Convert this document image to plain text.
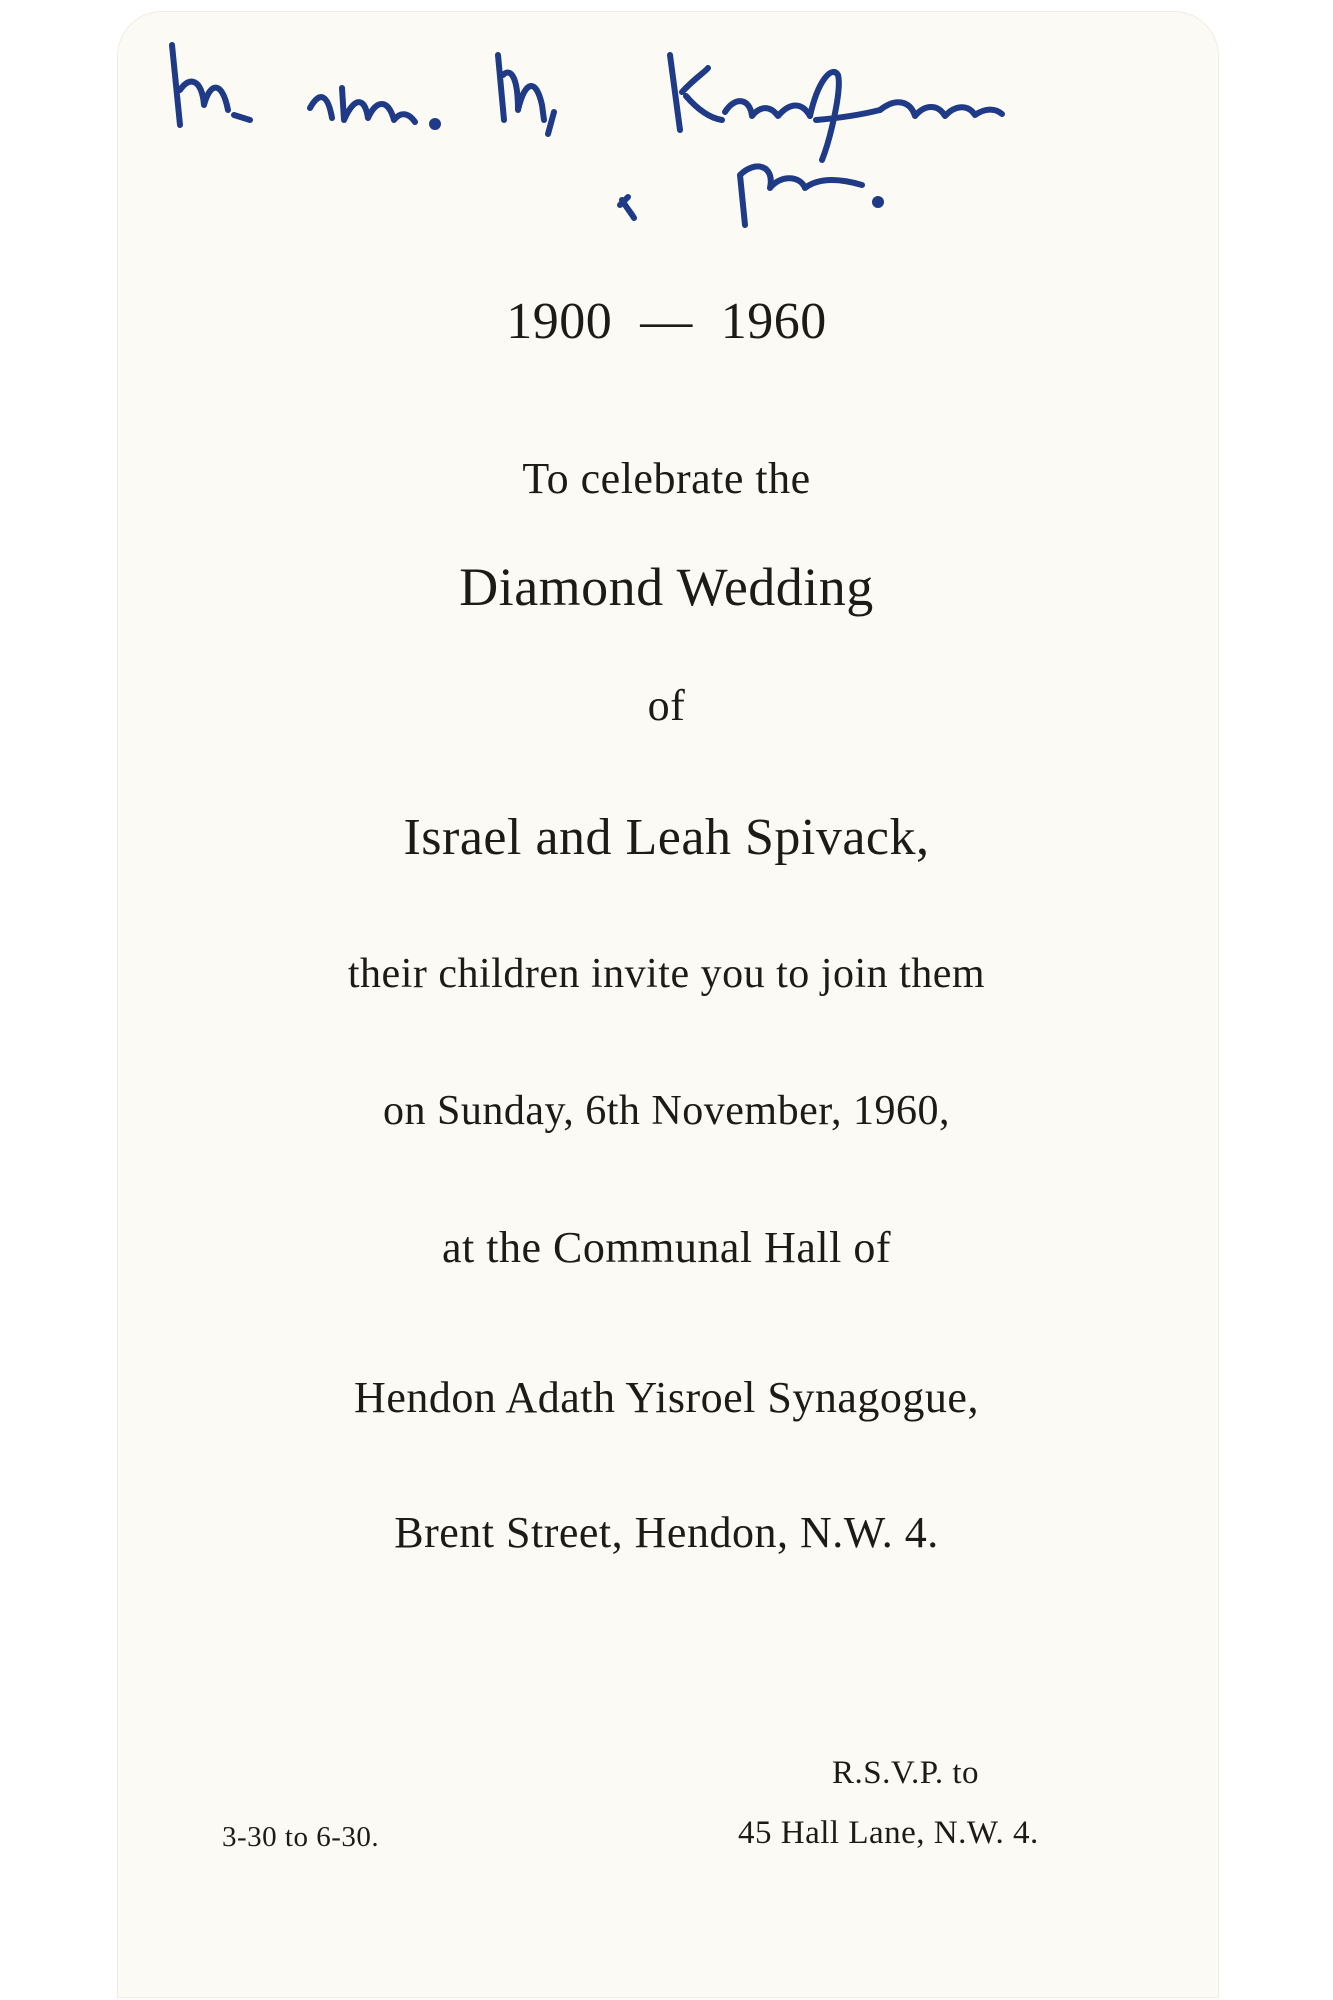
1900 — 1960
To celebrate the
Diamond Wedding
of
Israel and Leah Spivack,
their children invite you to join them
on Sunday, 6th November, 1960,
at the Communal Hall of
Hendon Adath Yisroel Synagogue,
Brent Street, Hendon, N.W. 4.
3-30 to 6-30.
R.S.V.P. to
45 Hall Lane, N.W. 4.
